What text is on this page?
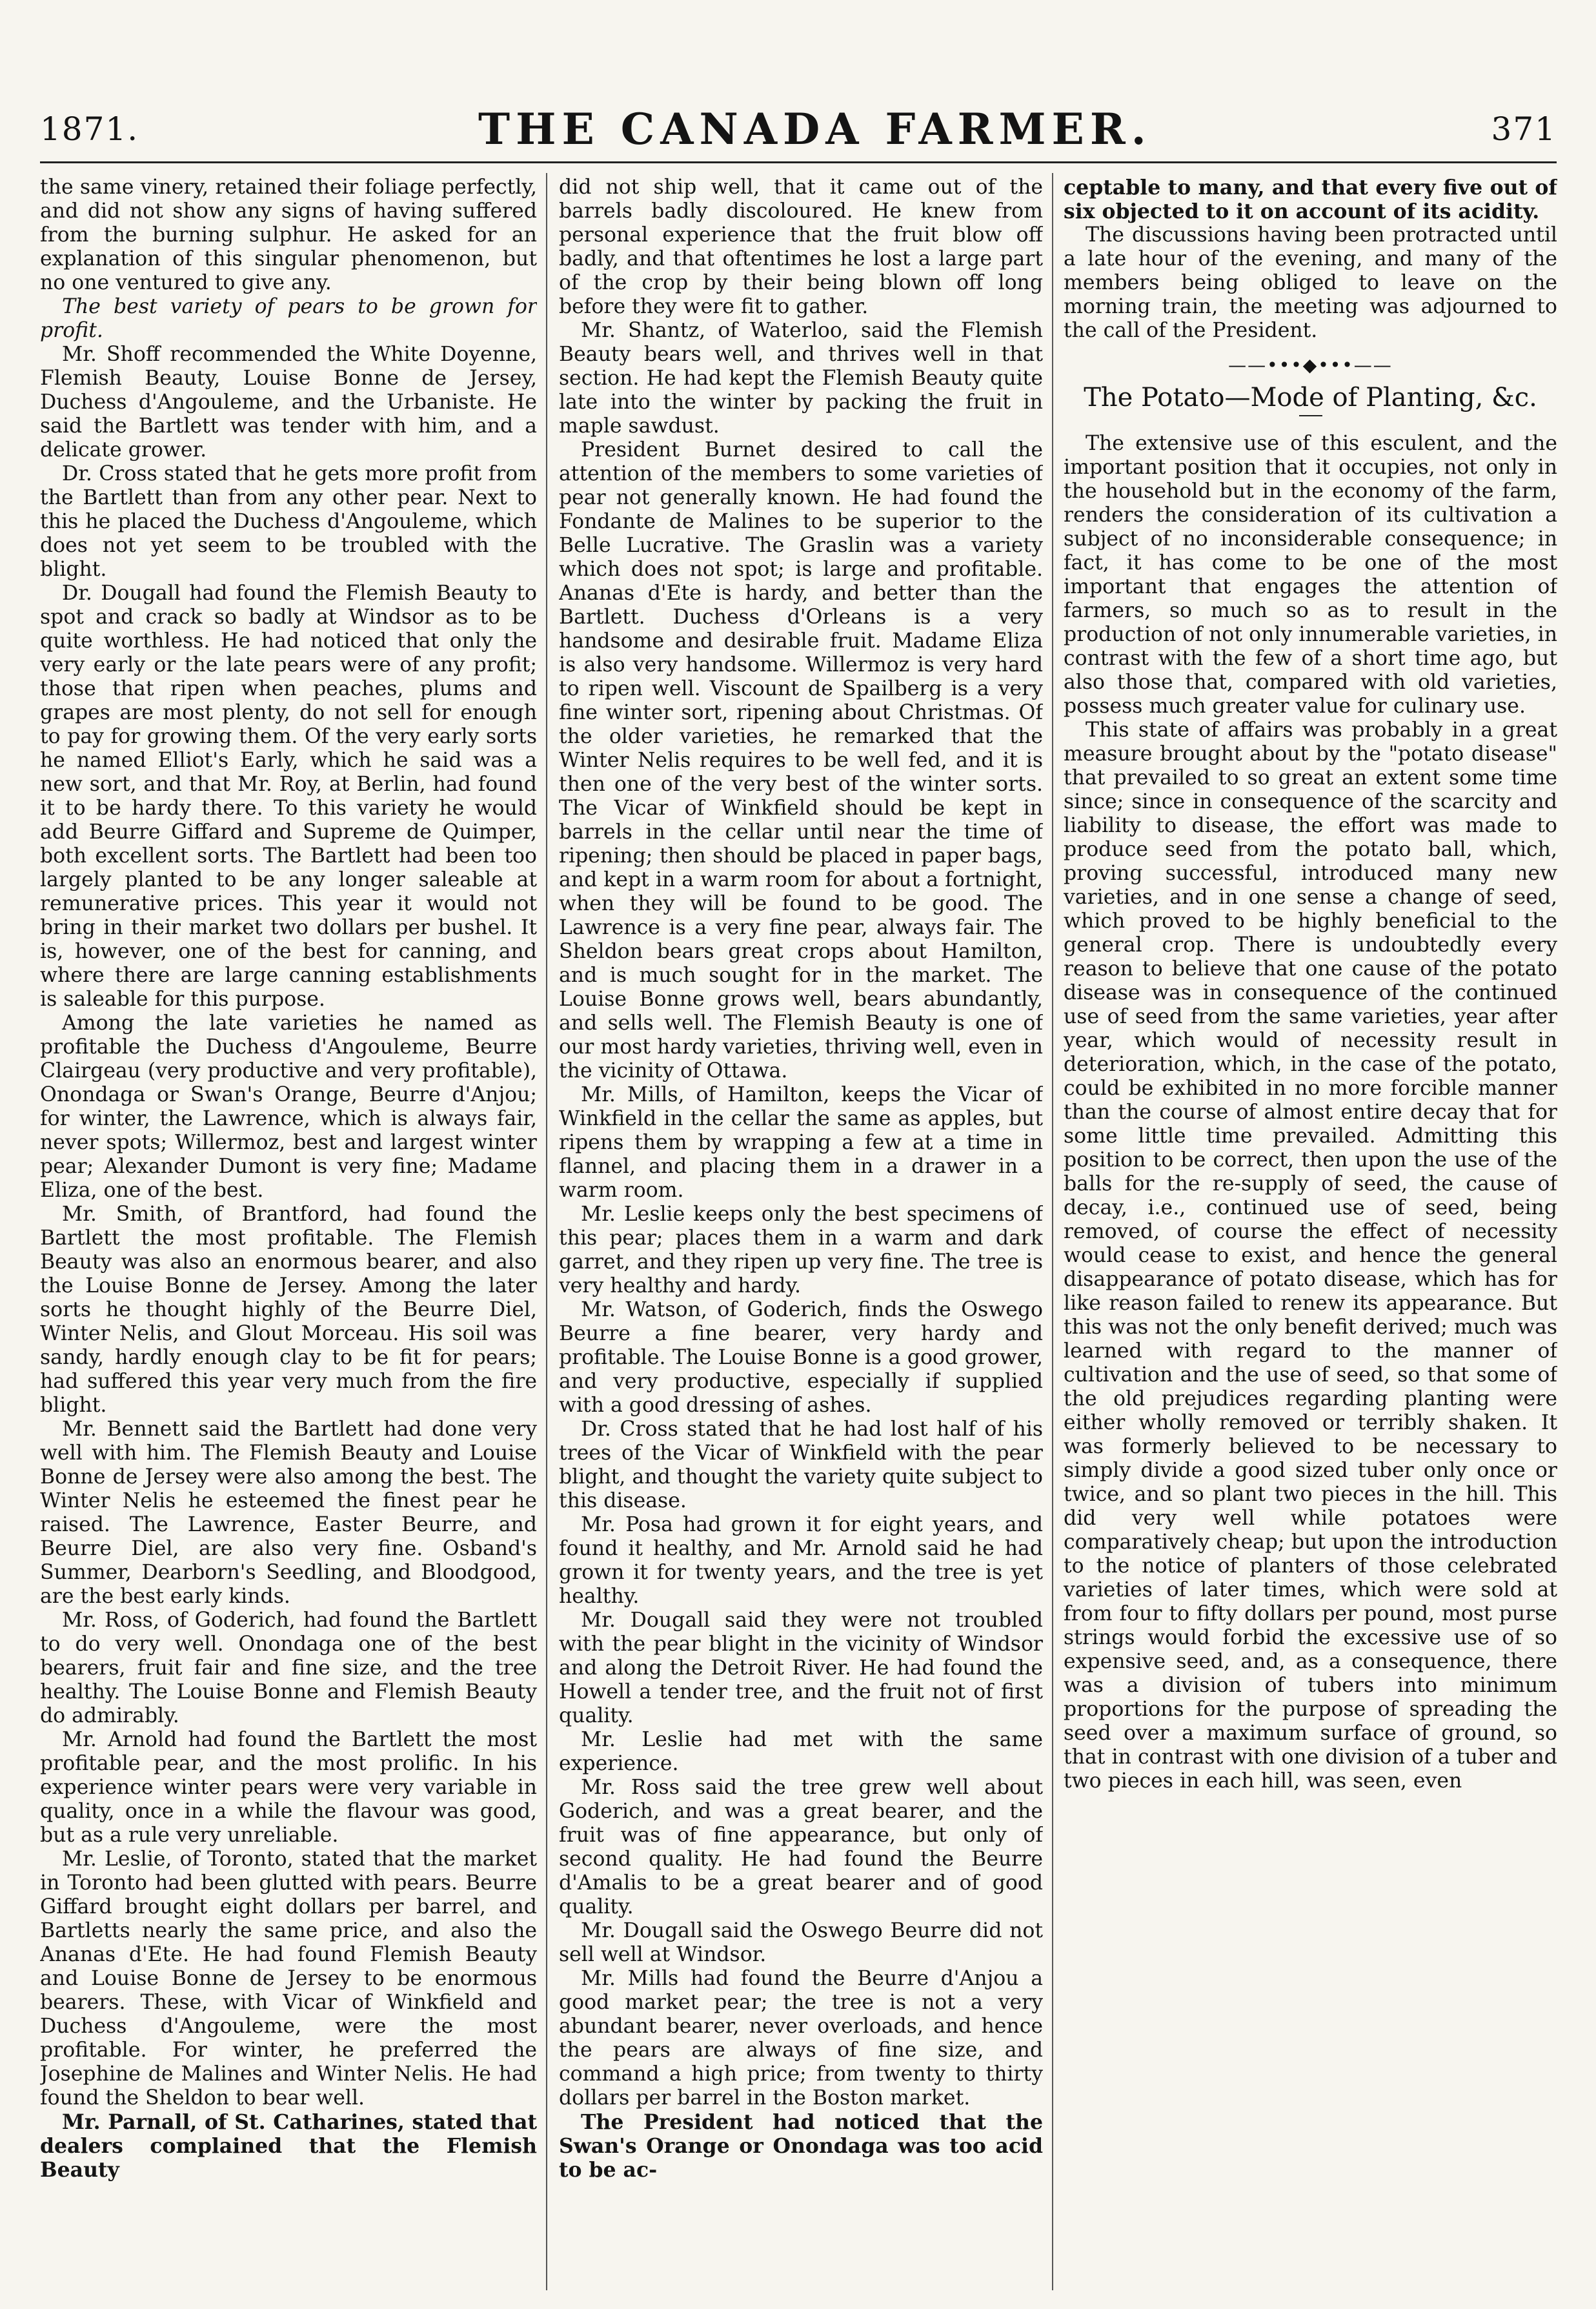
1871.	THE CANADA FARMER.	371

the same vinery, retained their foliage perfectly, and did not show any signs of having suffered from the burning sulphur. He asked for an explanation of this singular phenomenon, but no one ventured to give any.

The best variety of pears to be grown for profit.

Mr. Shoff recommended the White Doyenne, Flemish Beauty, Louise Bonne de Jersey, Duchess d'Angouleme, and the Urbaniste. He said the Bartlett was tender with him, and a delicate grower.

Dr. Cross stated that he gets more profit from the Bartlett than from any other pear. Next to this he placed the Duchess d'Angouleme, which does not yet seem to be troubled with the blight.

Dr. Dougall had found the Flemish Beauty to spot and crack so badly at Windsor as to be quite worthless. He had noticed that only the very early or the late pears were of any profit; those that ripen when peaches, plums and grapes are most plenty, do not sell for enough to pay for growing them. Of the very early sorts he named Elliot's Early, which he said was a new sort, and that Mr. Roy, at Berlin, had found it to be hardy there. To this variety he would add Beurre Giffard and Supreme de Quimper, both excellent sorts. The Bartlett had been too largely planted to be any longer saleable at remunerative prices. This year it would not bring in their market two dollars per bushel. It is, however, one of the best for canning, and where there are large canning establishments is saleable for this purpose.

Among the late varieties he named as profitable the Duchess d'Angouleme, Beurre Clairgeau (very productive and very profitable), Onondaga or Swan's Orange, Beurre d'Anjou; for winter, the Lawrence, which is always fair, never spots; Willermoz, best and largest winter pear; Alexander Dumont is very fine; Madame Eliza, one of the best.

Mr. Smith, of Brantford, had found the Bartlett the most profitable. The Flemish Beauty was also an enormous bearer, and also the Louise Bonne de Jersey. Among the later sorts he thought highly of the Beurre Diel, Winter Nelis, and Glout Morceau. His soil was sandy, hardly enough clay to be fit for pears; had suffered this year very much from the fire blight.

Mr. Bennett said the Bartlett had done very well with him. The Flemish Beauty and Louise Bonne de Jersey were also among the best. The Winter Nelis he esteemed the finest pear he raised. The Lawrence, Easter Beurre, and Beurre Diel, are also very fine. Osband's Summer, Dearborn's Seedling, and Bloodgood, are the best early kinds.

Mr. Ross, of Goderich, had found the Bartlett to do very well. Onondaga one of the best bearers, fruit fair and fine size, and the tree healthy. The Louise Bonne and Flemish Beauty do admirably.

Mr. Arnold had found the Bartlett the most profitable pear, and the most prolific. In his experience winter pears were very variable in quality, once in a while the flavour was good, but as a rule very unreliable.

Mr. Leslie, of Toronto, stated that the market in Toronto had been glutted with pears. Beurre Giffard brought eight dollars per barrel, and Bartletts nearly the same price, and also the Ananas d'Ete. He had found Flemish Beauty and Louise Bonne de Jersey to be enormous bearers. These, with Vicar of Winkfield and Duchess d'Angouleme, were the most profitable. For winter, he preferred the Josephine de Malines and Winter Nelis. He had found the Sheldon to bear well.

Mr. Parnall, of St. Catharines, stated that dealers complained that the Flemish Beauty

did not ship well, that it came out of the barrels badly discoloured. He knew from personal experience that the fruit blow off badly, and that oftentimes he lost a large part of the crop by their being blown off long before they were fit to gather.

Mr. Shantz, of Waterloo, said the Flemish Beauty bears well, and thrives well in that section. He had kept the Flemish Beauty quite late into the winter by packing the fruit in maple sawdust.

President Burnet desired to call the attention of the members to some varieties of pear not generally known. He had found the Fondante de Malines to be superior to the Belle Lucrative. The Graslin was a variety which does not spot; is large and profitable. Ananas d'Ete is hardy, and better than the Bartlett. Duchess d'Orleans is a very handsome and desirable fruit. Madame Eliza is also very handsome. Willermoz is very hard to ripen well. Viscount de Spailberg is a very fine winter sort, ripening about Christmas. Of the older varieties, he remarked that the Winter Nelis requires to be well fed, and it is then one of the very best of the winter sorts. The Vicar of Winkfield should be kept in barrels in the cellar until near the time of ripening; then should be placed in paper bags, and kept in a warm room for about a fortnight, when they will be found to be good. The Lawrence is a very fine pear, always fair. The Sheldon bears great crops about Hamilton, and is much sought for in the market. The Louise Bonne grows well, bears abundantly, and sells well. The Flemish Beauty is one of our most hardy varieties, thriving well, even in the vicinity of Ottawa.

Mr. Mills, of Hamilton, keeps the Vicar of Winkfield in the cellar the same as apples, but ripens them by wrapping a few at a time in flannel, and placing them in a drawer in a warm room.

Mr. Leslie keeps only the best specimens of this pear; places them in a warm and dark garret, and they ripen up very fine. The tree is very healthy and hardy.

Mr. Watson, of Goderich, finds the Oswego Beurre a fine bearer, very hardy and profitable. The Louise Bonne is a good grower, and very productive, especially if supplied with a good dressing of ashes.

Dr. Cross stated that he had lost half of his trees of the Vicar of Winkfield with the pear blight, and thought the variety quite subject to this disease.

Mr. Posa had grown it for eight years, and found it healthy, and Mr. Arnold said he had grown it for twenty years, and the tree is yet healthy.

Mr. Dougall said they were not troubled with the pear blight in the vicinity of Windsor and along the Detroit River. He had found the Howell a tender tree, and the fruit not of first quality.

Mr. Leslie had met with the same experience.

Mr. Ross said the tree grew well about Goderich, and was a great bearer, and the fruit was of fine appearance, but only of second quality. He had found the Beurre d'Amalis to be a great bearer and of good quality.

Mr. Dougall said the Oswego Beurre did not sell well at Windsor.

Mr. Mills had found the Beurre d'Anjou a good market pear; the tree is not a very abundant bearer, never overloads, and hence the pears are always of fine size, and command a high price; from twenty to thirty dollars per barrel in the Boston market.

The President had noticed that the Swan's Orange or Onondaga was too acid to be ac-

ceptable to many, and that every five out of six objected to it on account of its acidity.

The discussions having been protracted until a late hour of the evening, and many of the members being obliged to leave on the morning train, the meeting was adjourned to the call of the President.

——•••◆•••——
The Potato—Mode of Planting, &c.

The extensive use of this esculent, and the important position that it occupies, not only in the household but in the economy of the farm, renders the consideration of its cultivation a subject of no inconsiderable consequence; in fact, it has come to be one of the most important that engages the attention of farmers, so much so as to result in the production of not only innumerable varieties, in contrast with the few of a short time ago, but also those that, compared with old varieties, possess much greater value for culinary use.

This state of affairs was probably in a great measure brought about by the "potato disease" that prevailed to so great an extent some time since; since in consequence of the scarcity and liability to disease, the effort was made to produce seed from the potato ball, which, proving successful, introduced many new varieties, and in one sense a change of seed, which proved to be highly beneficial to the general crop. There is undoubtedly every reason to believe that one cause of the potato disease was in consequence of the continued use of seed from the same varieties, year after year, which would of necessity result in deterioration, which, in the case of the potato, could be exhibited in no more forcible manner than the course of almost entire decay that for some little time prevailed. Admitting this position to be correct, then upon the use of the balls for the re-supply of seed, the cause of decay, i.e., continued use of seed, being removed, of course the effect of necessity would cease to exist, and hence the general disappearance of potato disease, which has for like reason failed to renew its appearance. But this was not the only benefit derived; much was learned with regard to the manner of cultivation and the use of seed, so that some of the old prejudices regarding planting were either wholly removed or terribly shaken. It was formerly believed to be necessary to simply divide a good sized tuber only once or twice, and so plant two pieces in the hill. This did very well while potatoes were comparatively cheap; but upon the introduction to the notice of planters of those celebrated varieties of later times, which were sold at from four to fifty dollars per pound, most purse strings would forbid the excessive use of so expensive seed, and, as a consequence, there was a division of tubers into minimum proportions for the purpose of spreading the seed over a maximum surface of ground, so that in contrast with one division of a tuber and two pieces in each hill, was seen, even
